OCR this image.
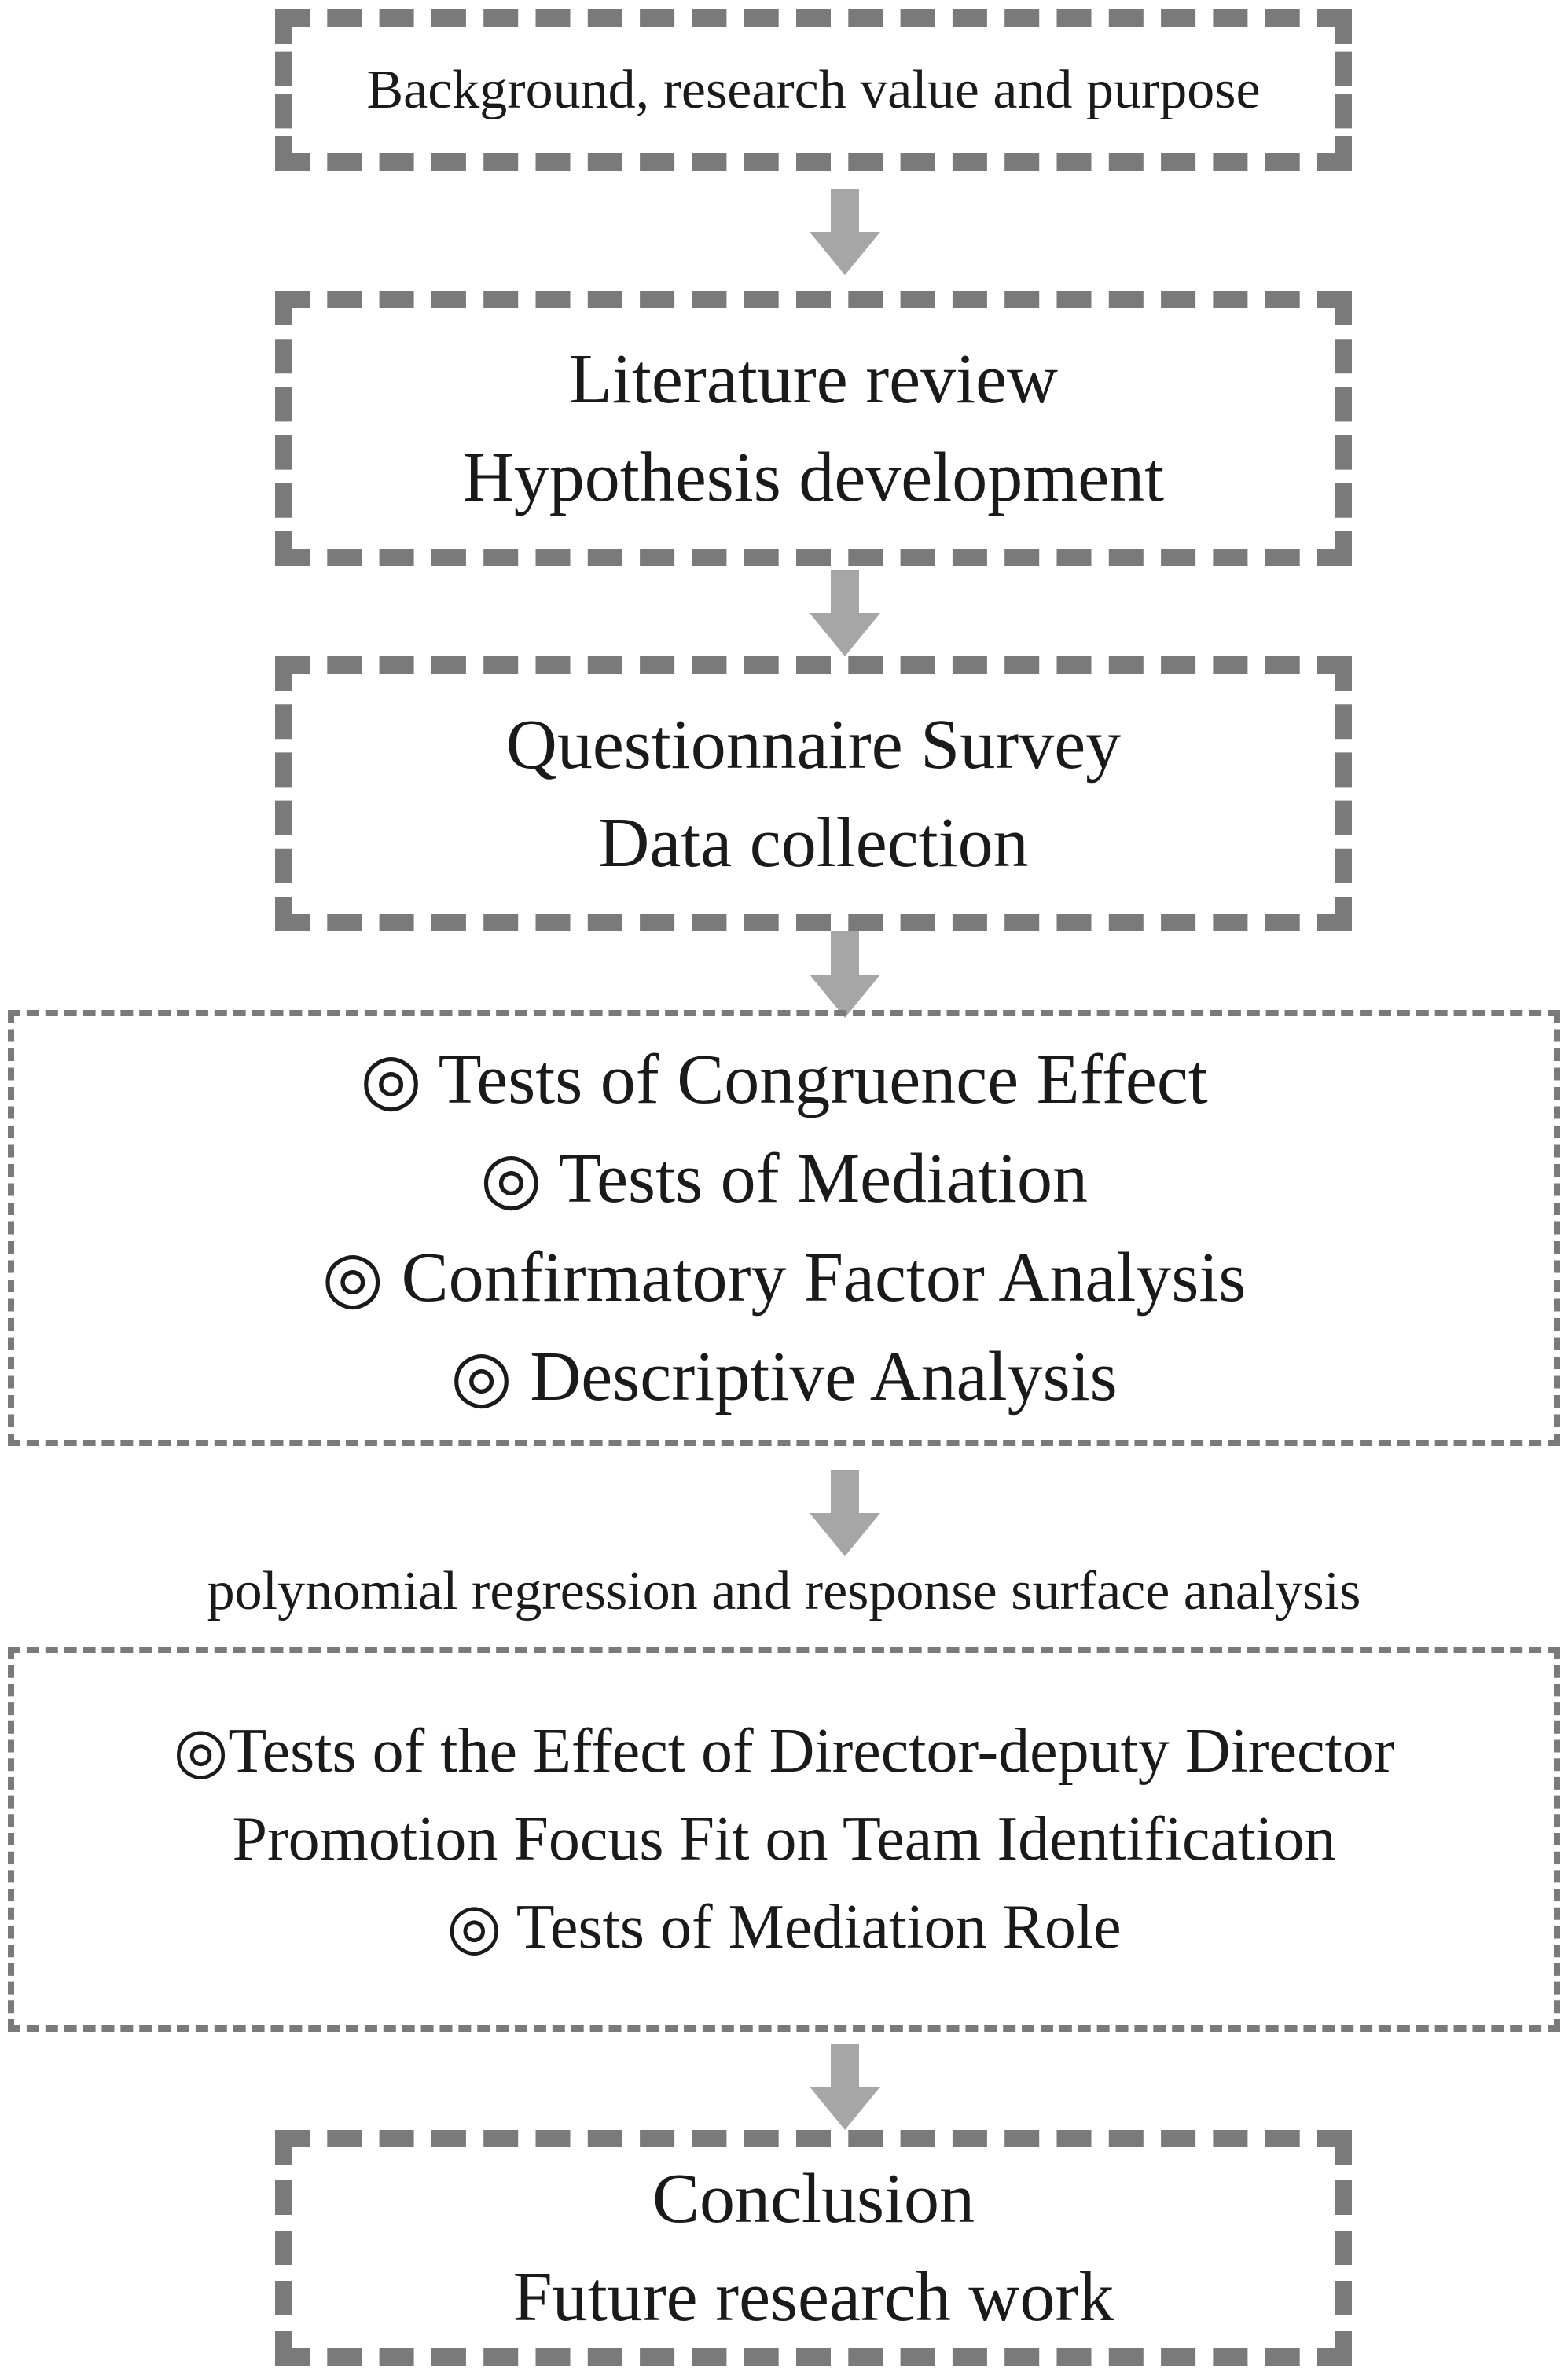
Background, research value and purpose
Literature review
Hypothesis development
Questionnaire Survey
Data collection
◎ Tests of Congruence Effect
◎ Tests of Mediation
◎ Confirmatory Factor Analysis
◎ Descriptive Analysis
polynomial regression and response surface analysis
◎Tests of the Effect of Director-deputy Director
Promotion Focus Fit on Team Identification
◎ Tests of Mediation Role
Conclusion
Future research work
